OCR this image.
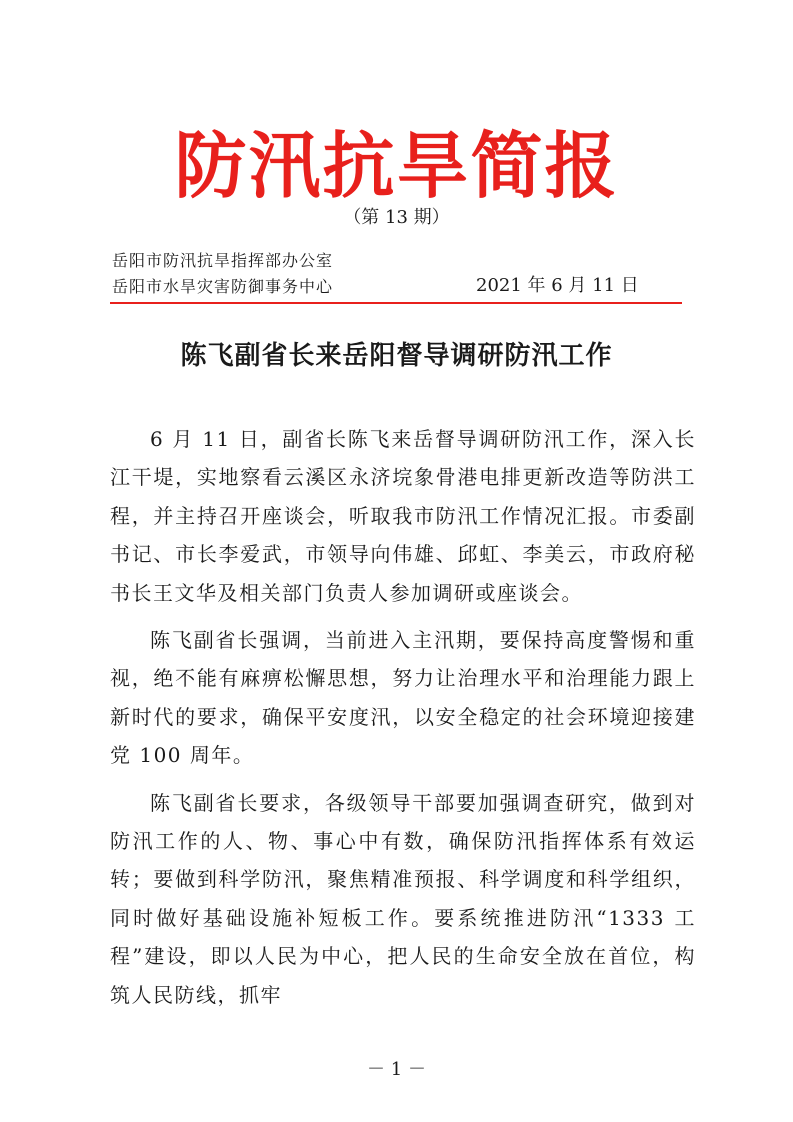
防汛抗旱简报
（第 13 期）
岳阳市防汛抗旱指挥部办公室
岳阳市水旱灾害防御事务中心	2021 年 6 月 11 日
陈飞副省长来岳阳督导调研防汛工作

6 月 11 日，副省长陈飞来岳督导调研防汛工作，深入长江干堤，实地察看云溪区永济垸象骨港电排更新改造等防洪工程，并主持召开座谈会，听取我市防汛工作情况汇报。市委副书记、市长李爱武，市领导向伟雄、邱虹、李美云，市政府秘书长王文华及相关部门负责人参加调研或座谈会。

陈飞副省长强调，当前进入主汛期，要保持高度警惕和重视，绝不能有麻痹松懈思想，努力让治理水平和治理能力跟上新时代的要求，确保平安度汛，以安全稳定的社会环境迎接建党 100 周年。

陈飞副省长要求，各级领导干部要加强调查研究，做到对防汛工作的人、物、事心中有数，确保防汛指挥体系有效运转；要做到科学防汛，聚焦精准预报、科学调度和科学组织，同时做好基础设施补短板工作。要系统推进防汛“1333 工程”建设，即以人民为中心，把人民的生命安全放在首位，构筑人民防线，抓牢

－ 1 －
